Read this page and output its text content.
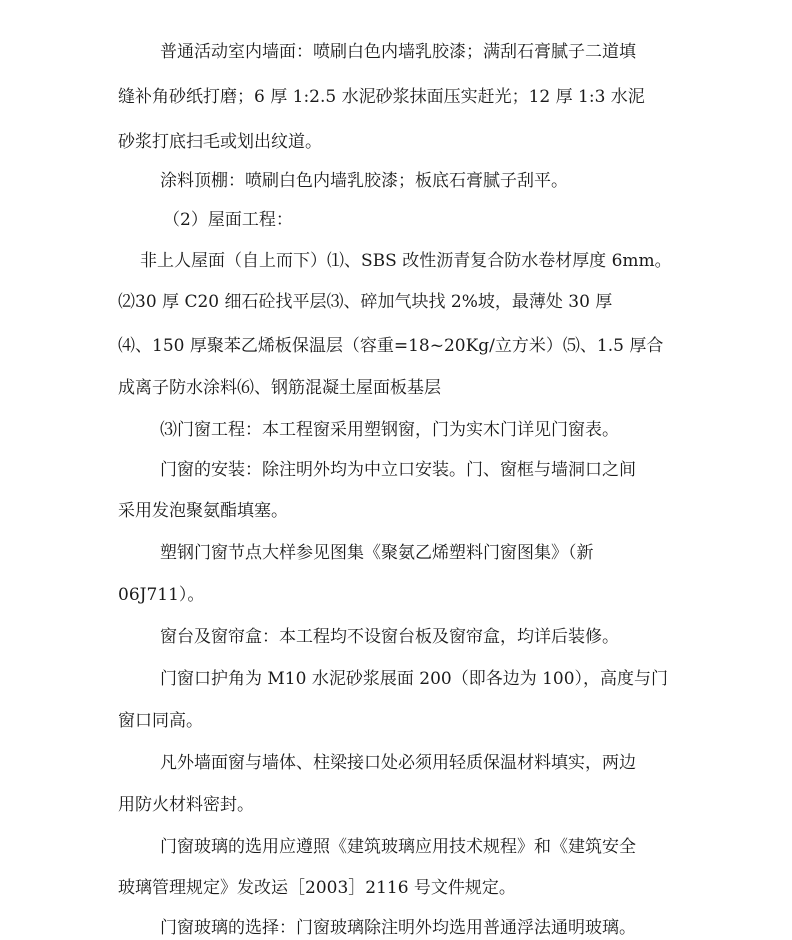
普通活动室内墙面：喷刷白色内墙乳胶漆；满刮石膏腻子二道填
缝补角砂纸打磨；6 厚 1:2.5 水泥砂浆抹面压实赶光；12 厚 1:3 水泥
砂浆打底扫毛或划出纹道。
涂料顶棚：喷刷白色内墙乳胶漆；板底石膏腻子刮平。
（2）屋面工程：
非上人屋面（自上而下）⑴、SBS 改性沥青复合防水卷材厚度 6mm。
⑵30 厚 C20 细石砼找平层⑶、碎加气块找 2%坡，最薄处 30 厚
⑷、150 厚聚苯乙烯板保温层（容重=18~20Kg/立方米）⑸、1.5 厚合
成离子防水涂料⑹、钢筋混凝土屋面板基层
⑶门窗工程：本工程窗采用塑钢窗，门为实木门详见门窗表。
门窗的安装：除注明外均为中立口安装。门、窗框与墙洞口之间
采用发泡聚氨酯填塞。
塑钢门窗节点大样参见图集《聚氨乙烯塑料门窗图集》（新
06J711）。
窗台及窗帘盒：本工程均不设窗台板及窗帘盒，均详后装修。
门窗口护角为 M10 水泥砂浆展面 200（即各边为 100），高度与门
窗口同高。
凡外墙面窗与墙体、柱梁接口处必须用轻质保温材料填实，两边
用防火材料密封。
门窗玻璃的选用应遵照《建筑玻璃应用技术规程》和《建筑安全
玻璃管理规定》发改运［2003］2116 号文件规定。
门窗玻璃的选择：门窗玻璃除注明外均选用普通浮法通明玻璃。
